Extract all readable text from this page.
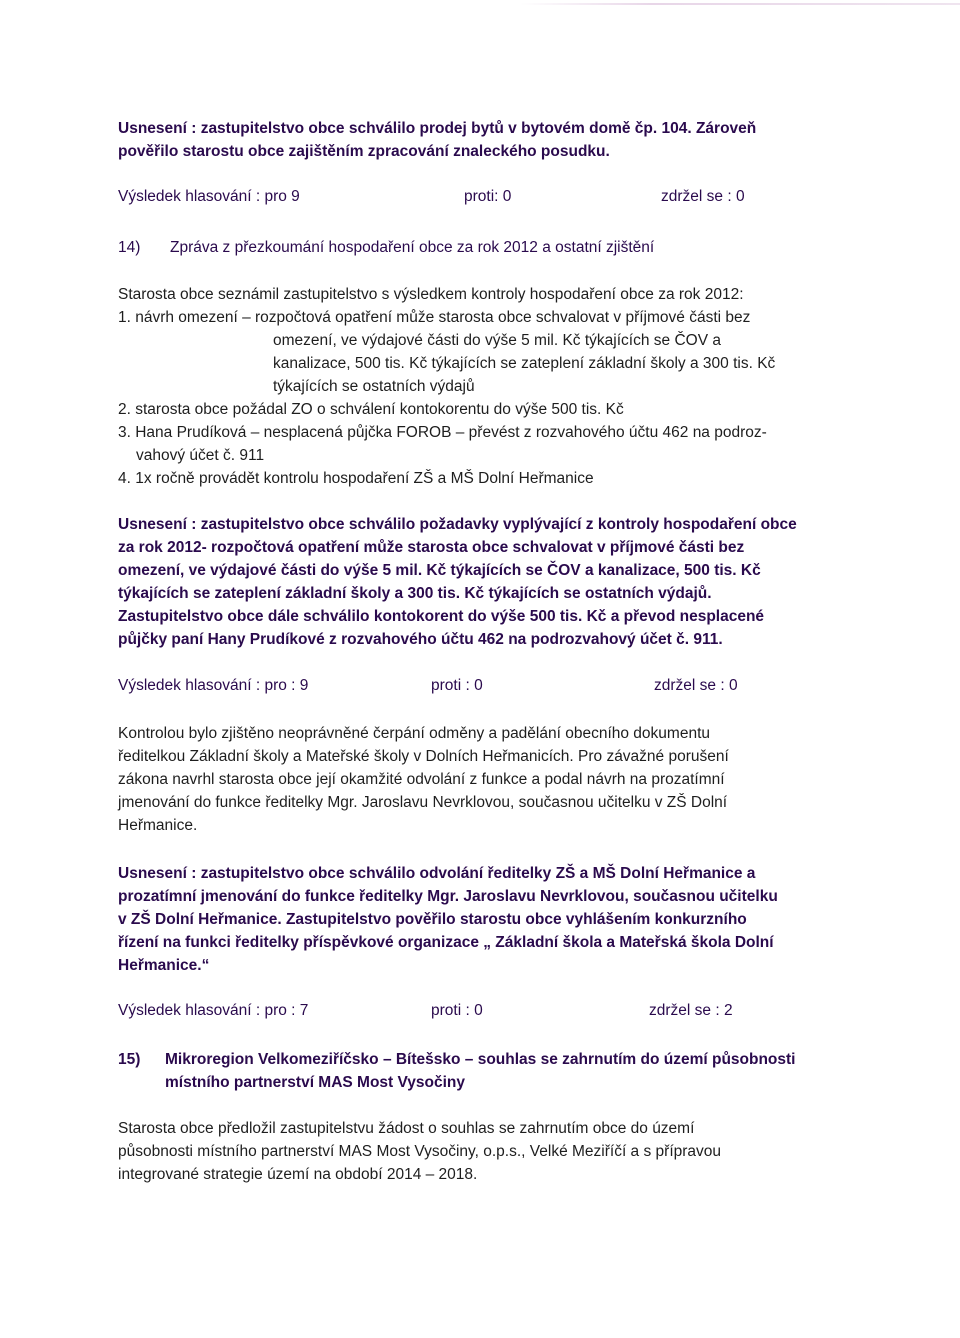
Usnesení : zastupitelstvo obce schválilo prodej bytů v bytovém domě čp. 104. Zároveň
pověřilo starostu obce zajištěním zpracování znaleckého posudku.
Výsledek hlasování : pro 9	proti: 0	zdržel se : 0
14) Zpráva z přezkoumání hospodaření obce za rok 2012 a ostatní zjištění
Starosta obce seznámil zastupitelstvo s výsledkem kontroly hospodaření obce za rok 2012:
1. návrh omezení – rozpočtová opatření může starosta obce schvalovat v příjmové části bez
omezení, ve výdajové části do výše 5 mil. Kč týkajících se ČOV a
kanalizace, 500 tis. Kč týkajících se zateplení základní školy a 300 tis. Kč
týkajících se ostatních výdajů
2. starosta obce požádal ZO o schválení kontokorentu do výše 500 tis. Kč
3. Hana Prudíková – nesplacená půjčka FOROB – převést z rozvahového účtu 462 na podroz-
vahový účet č. 911
4. 1x ročně provádět kontrolu hospodaření ZŠ a MŠ Dolní Heřmanice
Usnesení : zastupitelstvo obce schválilo požadavky vyplývající z kontroly hospodaření obce
za rok 2012- rozpočtová opatření může starosta obce schvalovat v příjmové části bez
omezení, ve výdajové části do výše 5 mil. Kč týkajících se ČOV a kanalizace, 500 tis. Kč
týkajících se zateplení základní školy a 300 tis. Kč týkajících se ostatních výdajů.
Zastupitelstvo obce dále schválilo kontokorent do výše 500 tis. Kč a převod nesplacené
půjčky paní Hany Prudíkové z rozvahového účtu 462 na podrozvahový účet č. 911.
Výsledek hlasování : pro : 9	proti : 0	zdržel se : 0
Kontrolou bylo zjištěno neoprávněné čerpání odměny a padělání obecního dokumentu
ředitelkou Základní školy a Mateřské školy v Dolních Heřmanicích. Pro závažné porušení
zákona navrhl starosta obce její okamžité odvolání z funkce a podal návrh na prozatímní
jmenování do funkce ředitelky Mgr. Jaroslavu Nevrklovou, současnou učitelku v ZŠ Dolní
Heřmanice.
Usnesení : zastupitelstvo obce schválilo odvolání ředitelky ZŠ a MŠ Dolní Heřmanice a
prozatímní jmenování do funkce ředitelky Mgr. Jaroslavu Nevrklovou, současnou učitelku
v ZŠ Dolní Heřmanice. Zastupitelstvo pověřilo starostu obce vyhlášením konkurzního
řízení na funkci ředitelky příspěvkové organizace „ Základní škola a Mateřská škola Dolní
Heřmanice.“
Výsledek hlasování : pro : 7	proti : 0	zdržel se : 2
15) Mikroregion Velkomeziříčsko – Bítešsko – souhlas se zahrnutím do území působnosti
místního partnerství MAS Most Vysočiny
Starosta obce předložil zastupitelstvu žádost o souhlas se zahrnutím obce do území
působnosti místního partnerství MAS Most Vysočiny, o.p.s., Velké Meziříčí a s přípravou
integrované strategie území na období 2014 – 2018.
